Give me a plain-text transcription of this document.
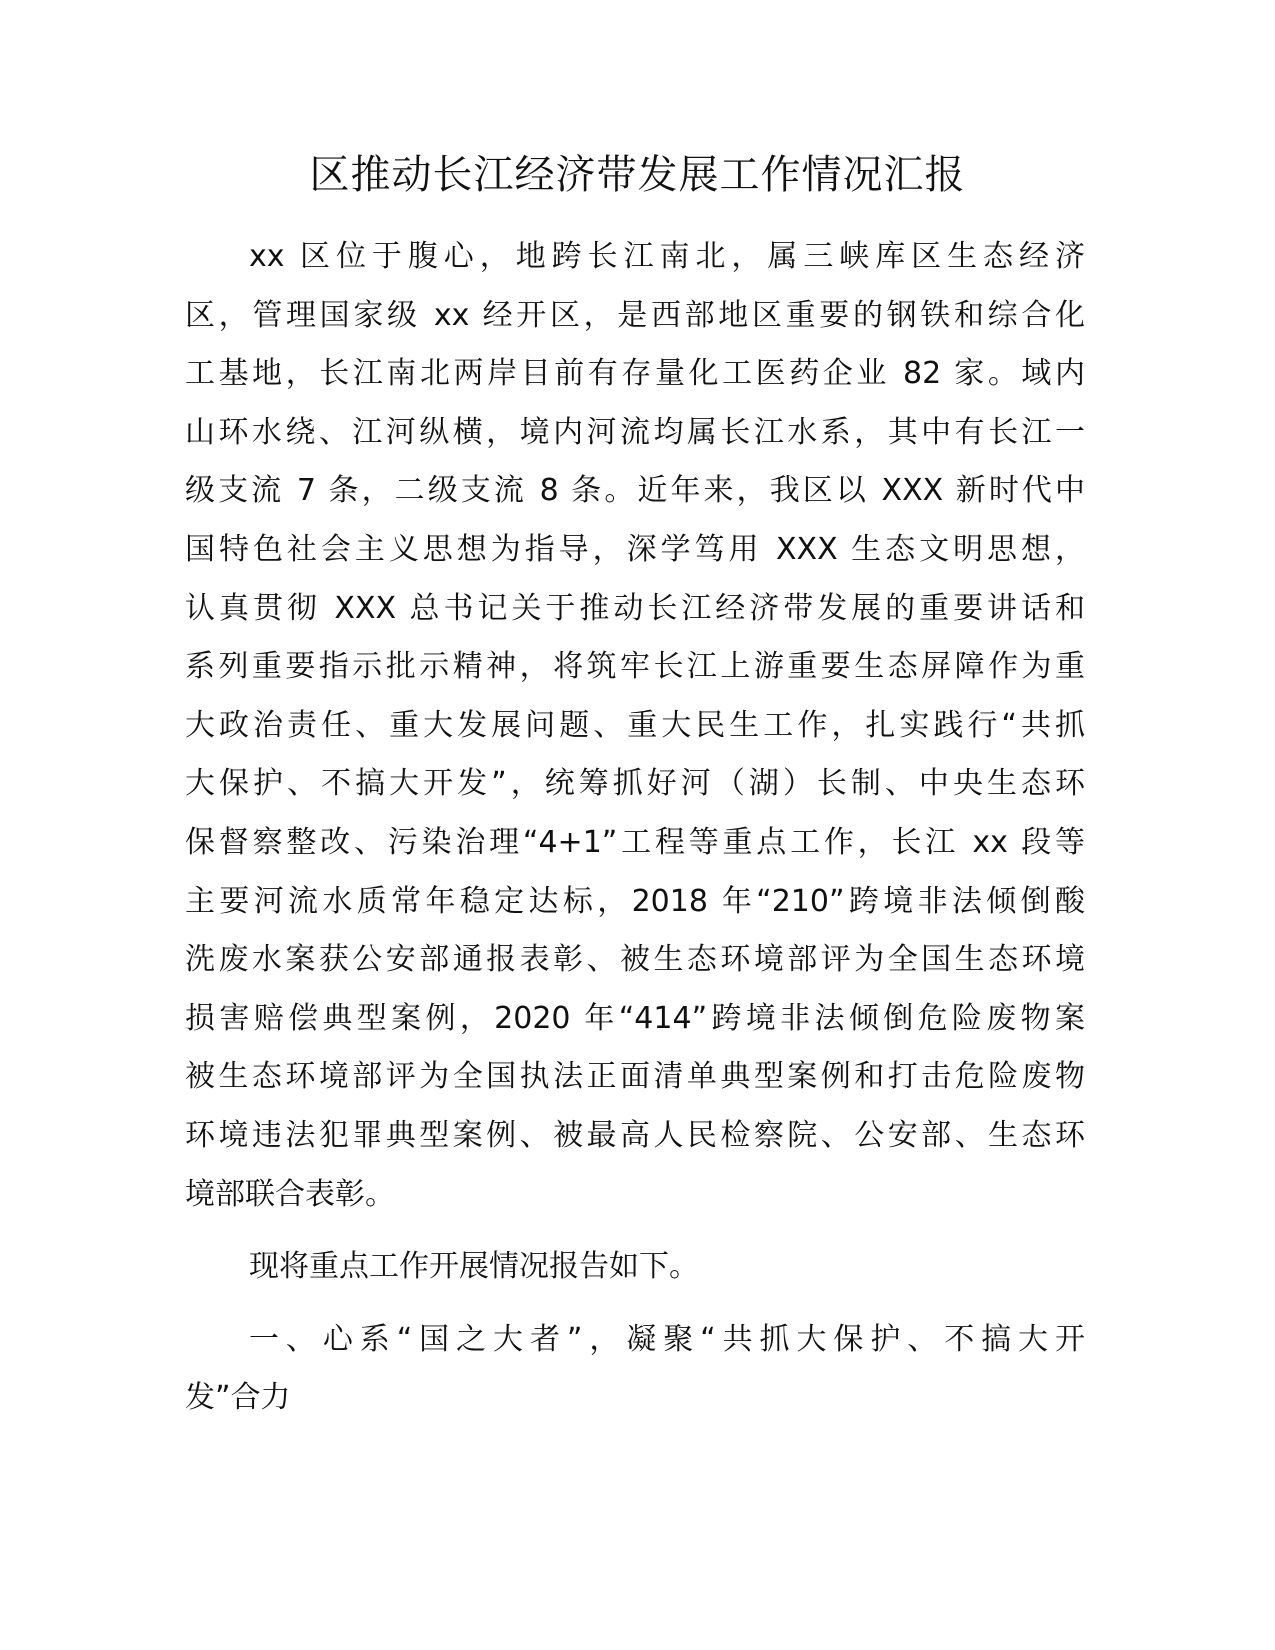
区推动长江经济带发展工作情况汇报
xx 区位于腹心，地跨长江南北，属三峡库区生态经济
区，管理国家级 xx 经开区，是西部地区重要的钢铁和综合化
工基地，长江南北两岸目前有存量化工医药企业 82 家。域内
山环水绕、江河纵横，境内河流均属长江水系，其中有长江一
级支流 7 条，二级支流 8 条。近年来，我区以 XXX 新时代中
国特色社会主义思想为指导，深学笃用 XXX 生态文明思想，
认真贯彻 XXX 总书记关于推动长江经济带发展的重要讲话和
系列重要指示批示精神，将筑牢长江上游重要生态屏障作为重
大政治责任、重大发展问题、重大民生工作，扎实践行“共抓
大保护、不搞大开发”，统筹抓好河（湖）长制、中央生态环
保督察整改、污染治理“4+1”工程等重点工作，长江 xx 段等
主要河流水质常年稳定达标，2018 年“210”跨境非法倾倒酸
洗废水案获公安部通报表彰、被生态环境部评为全国生态环境
损害赔偿典型案例，2020 年“414”跨境非法倾倒危险废物案
被生态环境部评为全国执法正面清单典型案例和打击危险废物
环境违法犯罪典型案例、被最高人民检察院、公安部、生态环
境部联合表彰。
现将重点工作开展情况报告如下。
一、心系“国之大者”，凝聚“共抓大保护、不搞大开
发”合力
